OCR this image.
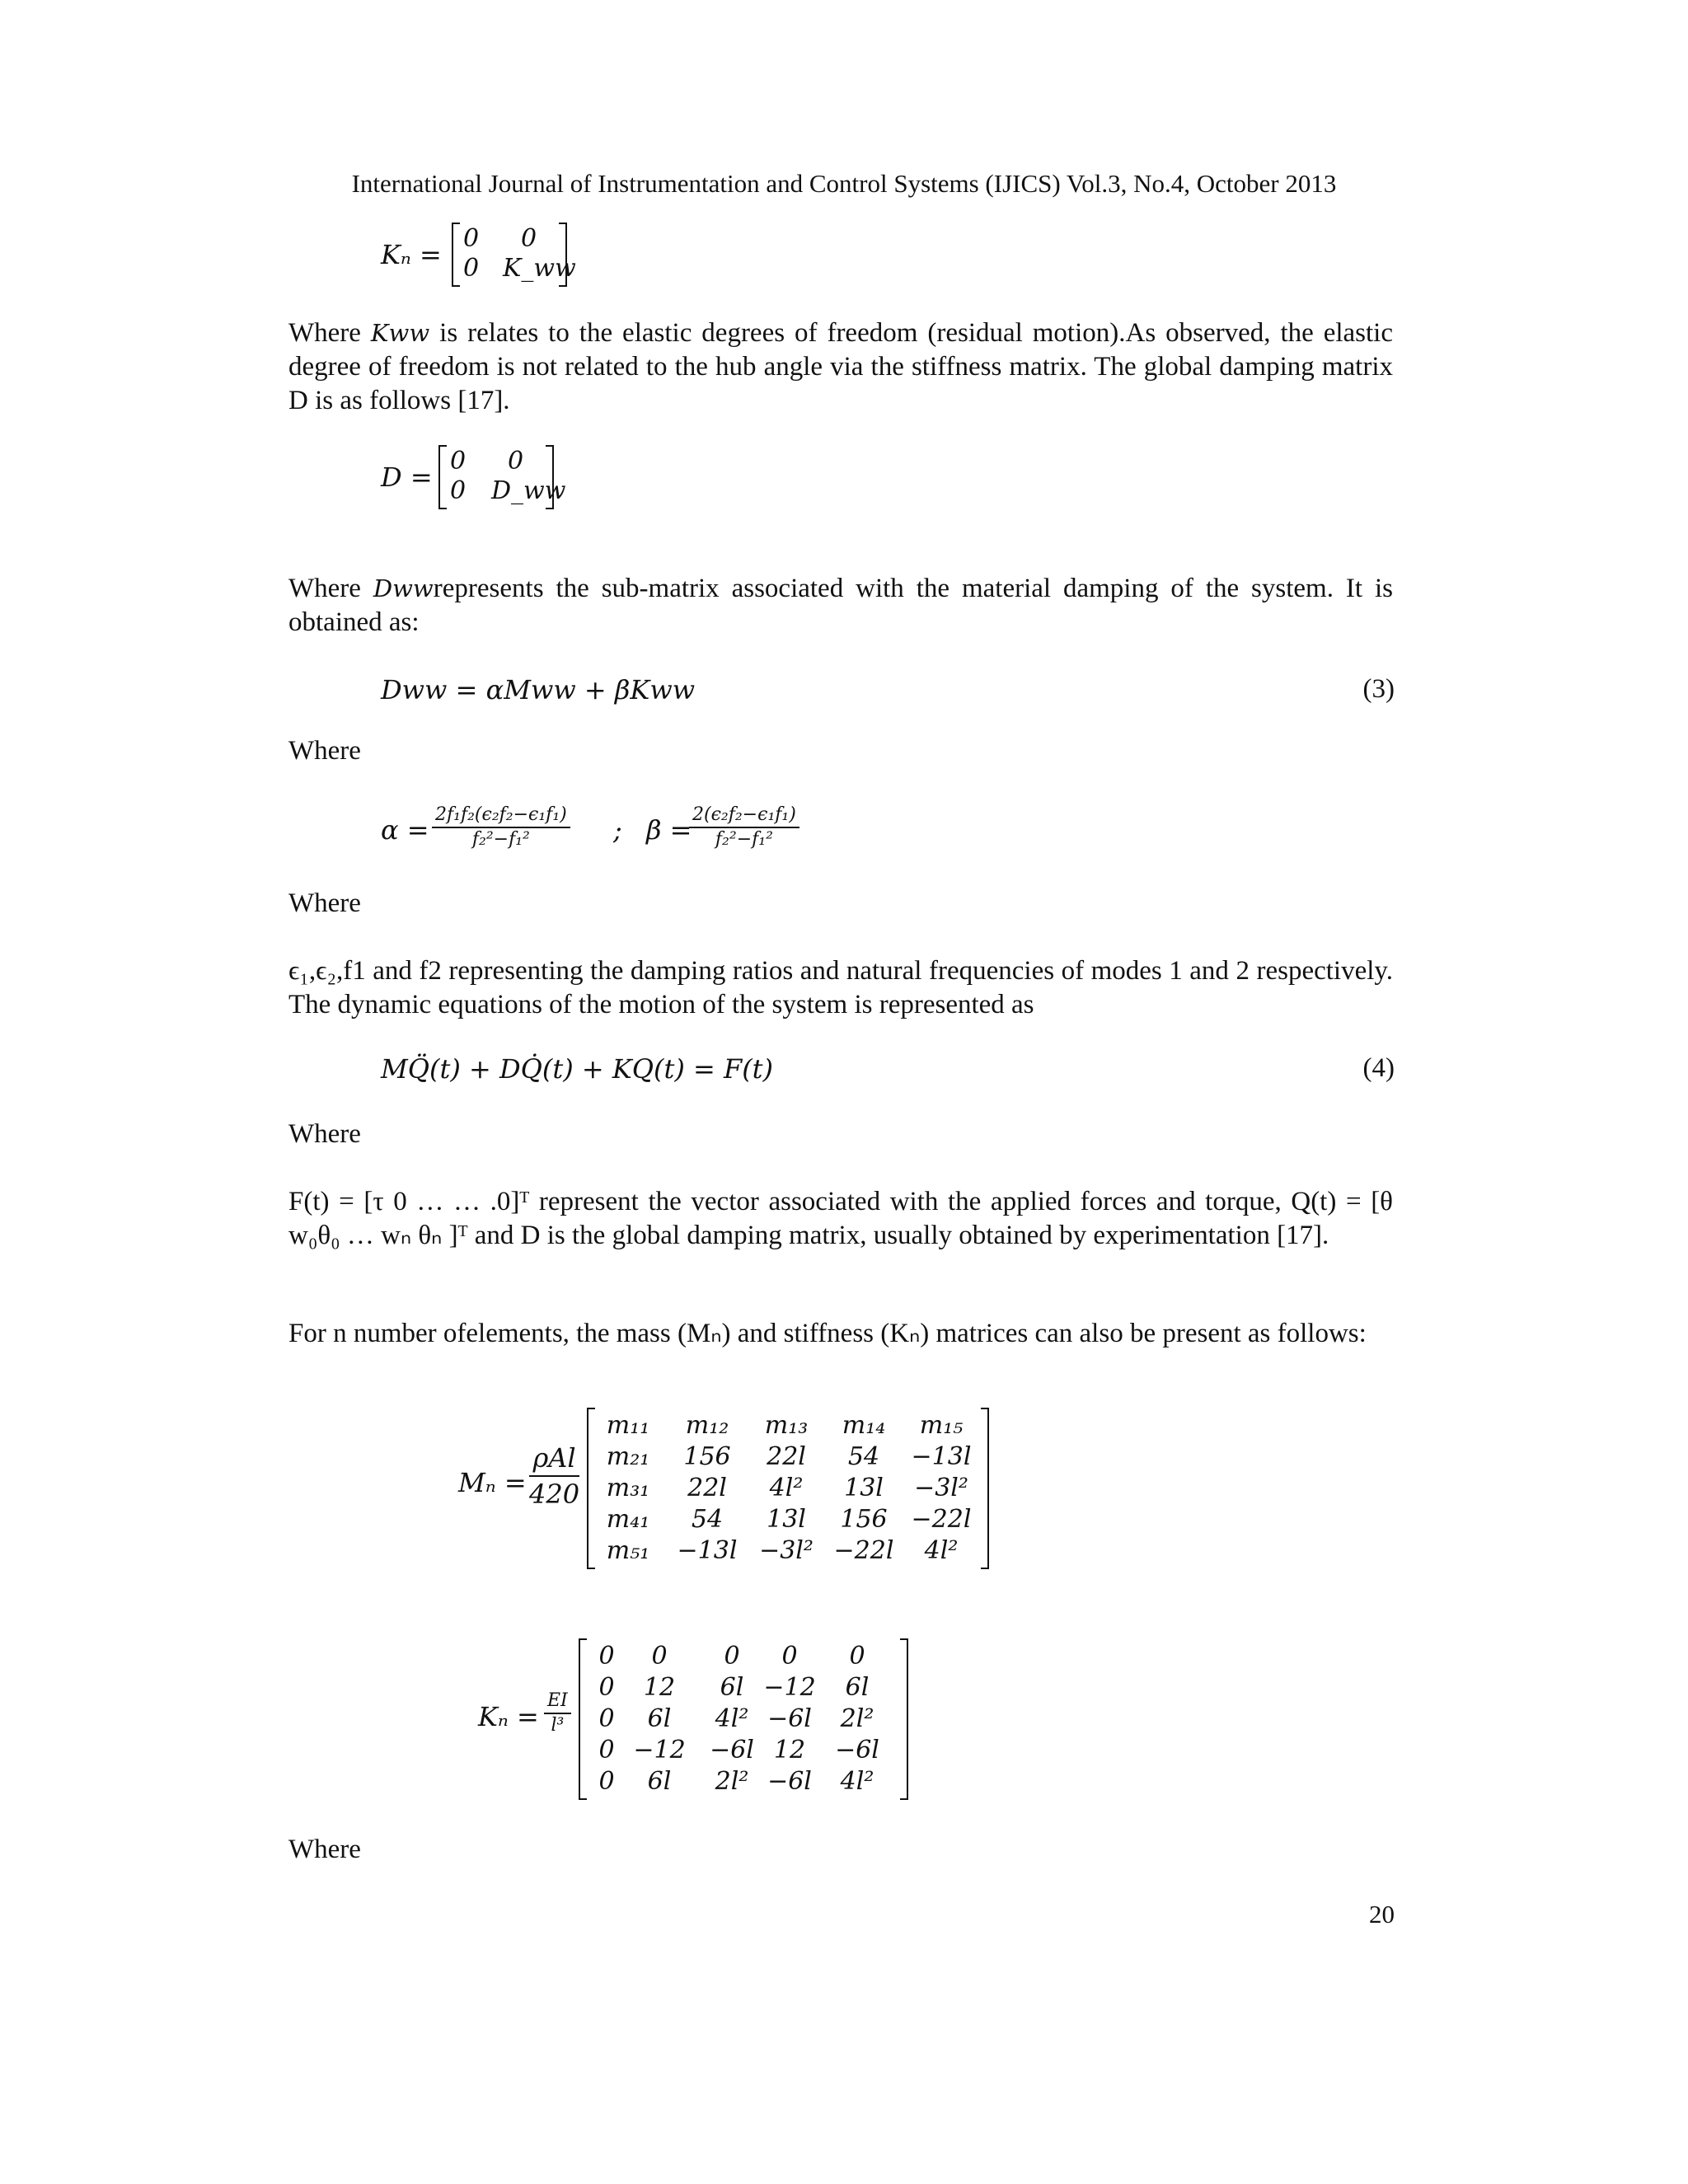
International Journal of Instrumentation and Control Systems (IJICS) Vol.3, No.4, October 2013
Kₙ =
0 0
0 K_ww
Where Kww is relates to the elastic degrees of freedom (residual motion).As observed, the elastic degree of freedom is not related to the hub angle via the stiffness matrix. The global damping matrix D is as follows [17].
D =
0 0
0 D_ww
Where Dwwrepresents the sub-matrix associated with the material damping of the system. It is obtained as:
Dww = αMww + βKww	(3)
Where
$\alpha = \frac{\text{2f₁f₂(ϵ₂f₂−ϵ₁f₁)}}{\text{f₂²−f₁²}}$ ; β =
$\frac{\text{2(ϵ₂f₂−ϵ₁f₁)}}{\text{f₂²−f₁²}}$
Where
ϵ₁,ϵ₂,f1 and f2 representing the damping ratios and natural frequencies of modes 1 and 2 respectively. The dynamic equations of the motion of the system is represented as
MQ̈(t) + DQ̇(t) + KQ(t) = F(t)	(4)
Where
F(t) = [τ 0 … … .0]ᵀ represent the vector associated with the applied forces and torque, Q(t) = [θ w₀θ₀ … wₙ θₙ ]ᵀ and D is the global damping matrix, usually obtained by experimentation [17].
For n number ofelements, the mass (Mₙ) and stiffness (Kₙ) matrices can also be present as follows:
Mₙ =
ρAl
420
m₁₁	m₁₂	m₁₃	m₁₄	m₁₅
m₂₁	156	22l	54	−13l
m₃₁	22l	4l²	13l	−3l²
m₄₁	54	13l	156 −22l
m₅₁	−13l −3l² −22l	4l²
$K_n = \frac{EI}{\text{l³}}$
0	0	0	0	0
0	12	6l −12	6l
0	6l	4l² −6l	2l²
0 −12 −6l 12	−6l
0	6l	2l² −6l	4l²
Where
20
